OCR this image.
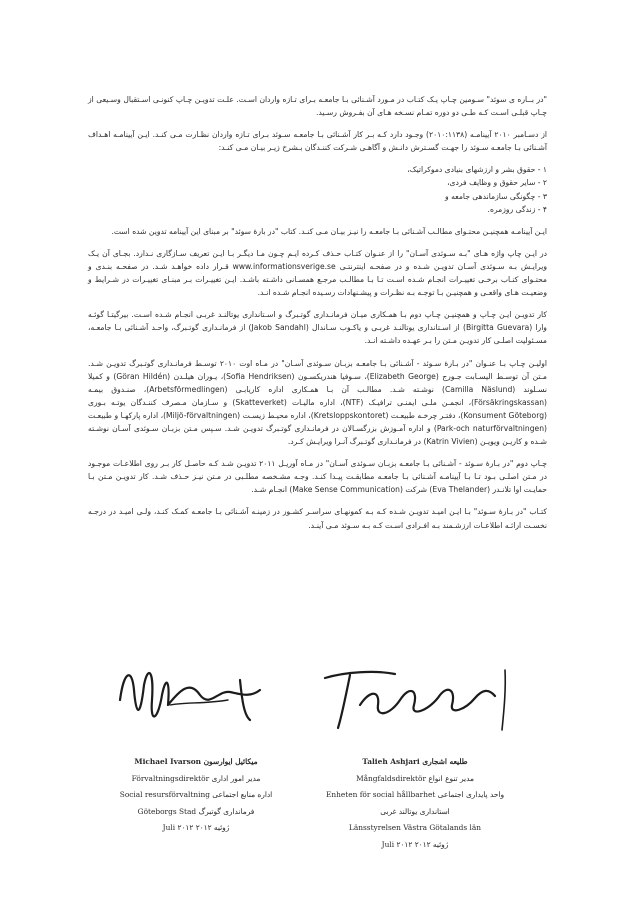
"در بــاره ی سوئد" سـومین چـاپ یـک کتـاب در مـورد آشـنائی بـا جامعـه بـرای تـازه واردان اسـت. علـت تدویـن چـاپ کنونـی اسـتقبال وسـیعی از چـاپ قبلـی اسـت کـه طـی دو دوره تمـام نسـخه هـای آن بفـروش رسـید.

از دسـامبر ۲۰۱۰ آیینامـه (۲۰۱۰:۱۱۳۸) وجـود دارد کـه بـر کار آشـنائی بـا جامعـه سـوئد بـرای تـازه واردان نظـارت مـی کنـد. ایـن آیینامـه اهـداف آشـنائی بـا جامعـه سـوئد را جهـت گسـترش دانـش و آگاهـی شـرکت کننـدگان بـشرح زیـر بیـان مـی کنـد:

۱ - حقوق بشر و ارزشهای بنیادی دموکراتیک،
۲ - سایر حقوق و وظایف فردی،
۳ - چگونگی سازماندهی جامعه و
۴ - زندگی روزمره.

ایـن آیینامـه همچنیـن محتـوای مطالـب آشـنائی بـا جامعـه را نیـز بیـان مـی کنـد. کتاب "در بارۀ سوئد" بر مبنای این آیینامه تدوین شده است.

در ایـن چاپ واژه هـای "بـه سـوئدی آسـان" را از عنـوان کتـاب حـذف کـرده ایـم چـون مـا دیگـر بـا ایـن تعریف سـازگاری نـدارد. بجـای آن یـک ویرایـش بـه سـوئدی آسـان تدویـن شـده و در صفحـه اینترنتـی www.informationsverige.se قـرار داده خواهـد شـد. در صفحـه بنـدی و محتـوای کتـاب برخـی تغییـرات انجـام شـده اسـت تـا بـا مطالـب مرجـع همسـانی داشـته باشـد. ایـن تغییـرات بـر مبنـای تغییـرات در شـرایط و وضعیـت هـای واقعـی و همچنیـن بـا توجـه بـه نظـرات و پیشـنهادات رسـیده انجـام شـده انـد.

کار تدویـن ایـن چـاپ و همچنیـن چـاپ دوم بـا همـکاری میـان فرمانـداری گوتـبرگ و اسـتانداری یوتالنـد غربـی انجـام شـده اسـت. بیرگیتـا گوئـه وارا (Birgitta Guevara) از اسـتانداری یوتالنـد غربـی و یاکـوب سـاندال (Jakob Sandahl) از فرمانـداری گوتـبرگ، واحـد آشـنائی بـا جامعـه، مسـئولیت اصلـی کار تدویـن مـتن را بـر عهـده داشـته انـد.

اولیـن چـاپ بـا عنـوان "در بـارۀ سـوئد - آشـنائی بـا جامعـه بزبـان سـوئدی آسـان" در مـاه اوت ۲۰۱۰ توسـط فرمانـداری گوتـبرگ تدویـن شـد. مـتن آن توسـط الیسـابت جـورج (Elizabeth George)، سـوفیا هندریکسـون (Sofia Hendriksen)، یـوران هیلـدن (Göran Hildén) و کمیلا نسـلوند (Camilla Näslund) نوشـته شـد. مطالـب آن بـا همـکاری اداره کاریابـی (Arbetsförmedlingen)، صنـدوق بیمـه (Försäkringskassan)، انجمـن ملـی ایمنـی ترافیـک (NTF)، اداره مالیـات (Skatteverket) و سـازمان مـصرف کننـدگان یوتـه بـوری (Konsument Göteborg)، دفتـر چرخـه طبیعـت (Kretsloppskontoret)، اداره محیـط زیسـت (Miljö-förvaltningen)، اداره پارکهـا و طبیعـت (Park-och naturförvaltningen) و اداره آمـوزش بزرگسـالان در فرمانـداری گوتـبرگ تدویـن شـد. سـپس مـتن بزبـان سـوئدی آسـان نوشـته شـده و کاریـن ویویـن (Katrin Vivien) در فرمانـداری گوتـبرگ آنـرا ویرایـش کـرد.

چـاپ دوم "در بـارۀ سـوئد - آشـنائی بـا جامعـه بزبـان سـوئدی آسـان" در مـاه آوریـل ۲۰۱۱ تدویـن شـد کـه حاصـل کار بـر روی اطلاعـات موجـود در مـتن اصلـی بـود تـا بـا آیینامـه آشـنائی بـا جامعـه مطابقـت پیـدا کنـد. وجـه مشـخصه مطلـبی در مـتن نیـز حـذف شـد. کار تدویـن مـتن بـا حمایـت اوا تلانـدر (Eva Thelander) شرکت (Make Sense Communication) انجـام شـد.

کتـاب "در بـارۀ سـوئد" بـا ایـن امیـد تدویـن شـده کـه بـه کمونهـای سراسـر کشـور در زمینـه آشـنائی بـا جامعـه کمـک کنـد، ولـی امیـد در درجـه نخسـت ارائـه اطلاعـات ارزشـمند بـه افـرادی اسـت کـه بـه سـوئد مـی آینـد.

Michael Ivarson میکائیل ایوارسون
Förvaltningsdirektör مدیر امور اداری
Social resursförvaltning اداره منابع اجتماعی
Göteborgs Stad فرمانداری گوتبرگ
Juli ۲۰۱۲ ژوئیه ۲۰۱۲
Talieh Ashjari طلیعه اشجاری
Mångfaldsdirektör مدیر تنوع انواع
Enheten för social hållbarhet واحد پایداری اجتماعی
استانداری یوتالند غربی
Länsstyrelsen Västra Götalands län
Juli ۲۰۱۲ ژوئیه ۲۰۱۲
